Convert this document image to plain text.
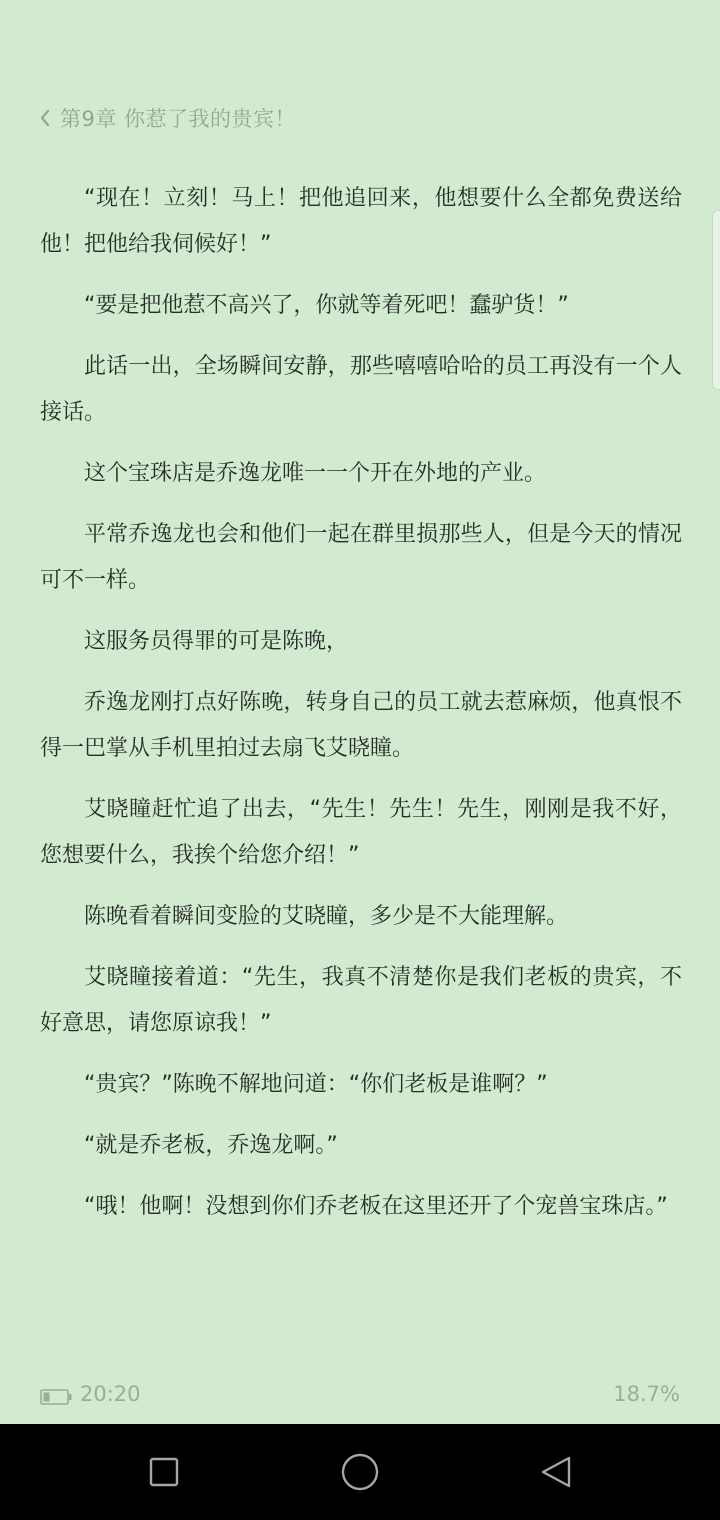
第9章 你惹了我的贵宾！

“现在！立刻！马上！把他追回来，他想要什么全都免费送给他！把他给我伺候好！”

“要是把他惹不高兴了，你就等着死吧！蠢驴货！”

此话一出，全场瞬间安静，那些嘻嘻哈哈的员工再没有一个人接话。

这个宝珠店是乔逸龙唯一一个开在外地的产业。

平常乔逸龙也会和他们一起在群里损那些人，但是今天的情况可不一样。

这服务员得罪的可是陈晚，

乔逸龙刚打点好陈晚，转身自己的员工就去惹麻烦，他真恨不得一巴掌从手机里拍过去扇飞艾晓瞳。

艾晓瞳赶忙追了出去，“先生！先生！先生，刚刚是我不好，您想要什么，我挨个给您介绍！”

陈晚看着瞬间变脸的艾晓瞳，多少是不大能理解。

艾晓瞳接着道：“先生，我真不清楚你是我们老板的贵宾，不好意思，请您原谅我！”

“贵宾？”陈晚不解地问道：“你们老板是谁啊？”

“就是乔老板，乔逸龙啊。”

“哦！他啊！没想到你们乔老板在这里还开了个宠兽宝珠店。”

20:20	18.7%
